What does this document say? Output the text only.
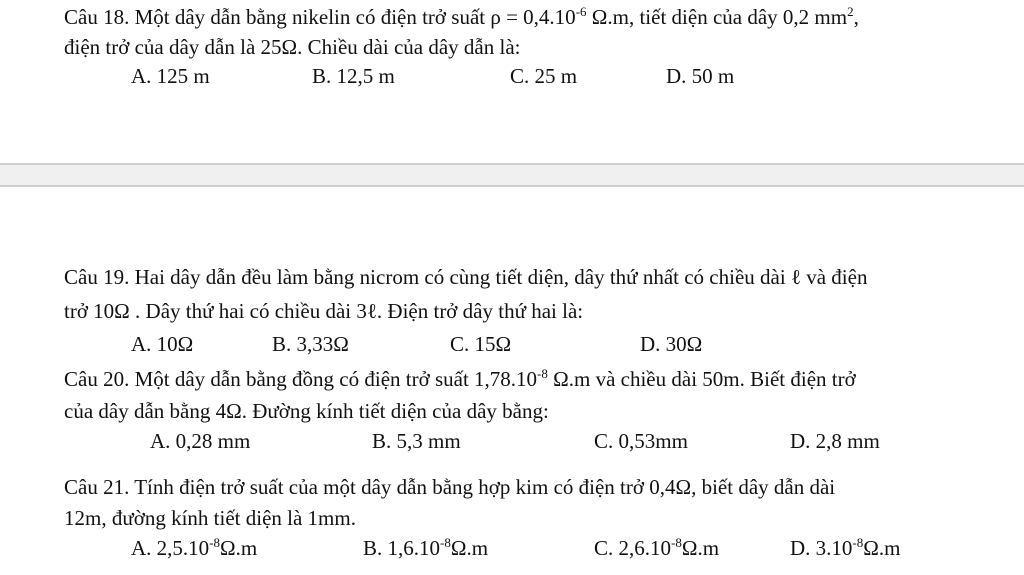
Câu 18. Một dây dẫn bằng nikelin có điện trở suất $\rho = 0,4.10^{-6}$ Ω.m, tiết diện của dây 0,2 $mm^2$,
điện trở của dây dẫn là 25Ω. Chiều dài của dây dẫn là:
A. 125 m	B. 12,5 m	C. 25 m	D. 50 m
Câu 19. Hai dây dẫn đều làm bằng nicrom có cùng tiết diện, dây thứ nhất có chiều dài ℓ và điện
trở 10Ω . Dây thứ hai có chiều dài 3ℓ. Điện trở dây thứ hai là:
A. 10Ω	B. 3,33Ω	C. 15Ω	D. 30Ω
Câu 20. Một dây dẫn bằng đồng có điện trở suất $1,78.10^{-8}$ Ω.m và chiều dài 50m. Biết điện trở
của dây dẫn bằng 4Ω. Đường kính tiết diện của dây bằng:
A. 0,28 mm	B. 5,3 mm	C. 0,53mm	D. 2,8 mm
Câu 21. Tính điện trở suất của một dây dẫn bằng hợp kim có điện trở 0,4Ω, biết dây dẫn dài
12m, đường kính tiết diện là 1mm.
A. $2,5.10^{-8}\Omega.m$	B. $1,6.10^{-8}\Omega.m$	C. $2,6.10^{-8}\Omega.m$	D. $3.10^{-8}\Omega.m$
